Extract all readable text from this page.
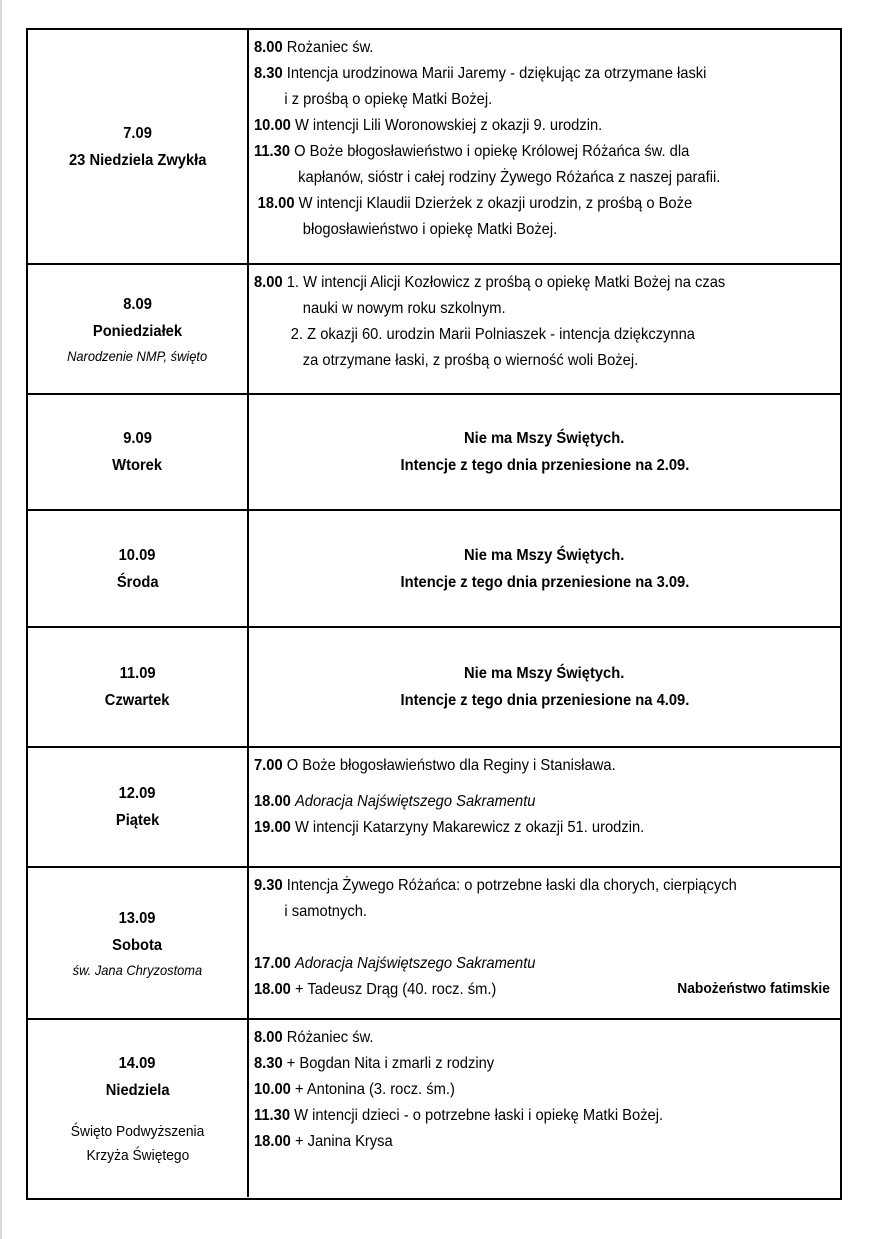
7.09
23 Niedziela Zwykła
8.00 Rożaniec św.
8.30 Intencja urodzinowa Marii Jaremy - dziękując za otrzymane łaski
i z prośbą o opiekę Matki Bożej.
10.00 W intencji Lili Woronowskiej z okazji 9. urodzin.
11.30 O Boże błogosławieństwo i opiekę Królowej Różańca św. dla
kapłanów, sióstr i całej rodziny Żywego Różańca z naszej parafii.
18.00 W intencji Klaudii Dzierżek z okazji urodzin, z prośbą o Boże
błogosławieństwo i opiekę Matki Bożej.
8.09
Poniedziałek
Narodzenie NMP, święto
8.00 1. W intencji Alicji Kozłowicz z prośbą o opiekę Matki Bożej na czas
nauki w nowym roku szkolnym.
2. Z okazji 60. urodzin Marii Polniaszek - intencja dziękczynna
za otrzymane łaski, z prośbą o wierność woli Bożej.
9.09
Wtorek
Nie ma Mszy Świętych.
Intencje z tego dnia przeniesione na 2.09.
10.09
Środa
Nie ma Mszy Świętych.
Intencje z tego dnia przeniesione na 3.09.
11.09
Czwartek
Nie ma Mszy Świętych.
Intencje z tego dnia przeniesione na 4.09.
12.09
Piątek
7.00 O Boże błogosławieństwo dla Reginy i Stanisława.
18.00 Adoracja Najświętszego Sakramentu
19.00 W intencji Katarzyny Makarewicz z okazji 51. urodzin.
13.09
Sobota
św. Jana Chryzostoma
9.30 Intencja Żywego Różańca: o potrzebne łaski dla chorych, cierpiących
i samotnych.
17.00 Adoracja Najświętszego Sakramentu
18.00 + Tadeusz Drąg (40. rocz. śm.)	Nabożeństwo fatimskie
14.09
Niedziela
Święto Podwyższenia
Krzyża Świętego
8.00 Różaniec św.
8.30 + Bogdan Nita i zmarli z rodziny
10.00 + Antonina (3. rocz. śm.)
11.30 W intencji dzieci - o potrzebne łaski i opiekę Matki Bożej.
18.00 + Janina Krysa
